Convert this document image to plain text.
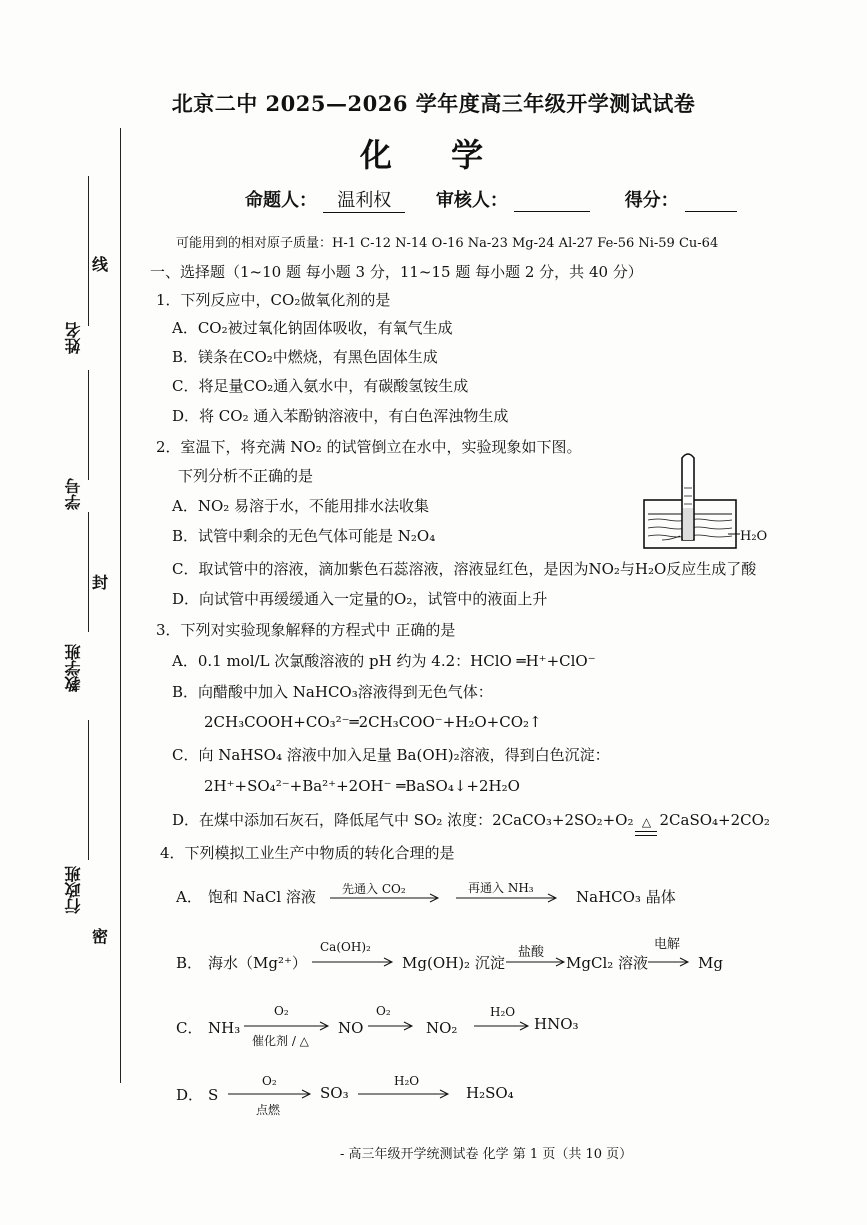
北京二中 2025—2026 学年度高三年级开学测试试卷
化 学
命题人： 温利权 审核人：	得分：
可能用到的相对原子质量：H-1 C-12 N-14 O-16 Na-23 Mg-24 Al-27 Fe-56 Ni-59 Cu-64
线
姓名
学号
封
教学班
行政班
密
一、选择题（1~10 题 每小题 3 分，11~15 题 每小题 2 分，共 40 分）
1．下列反应中，CO₂做氧化剂的是
A．CO₂被过氧化钠固体吸收，有氧气生成
B．镁条在CO₂中燃烧，有黑色固体生成
C．将足量CO₂通入氨水中，有碳酸氢铵生成
D．将 CO₂ 通入苯酚钠溶液中，有白色浑浊物生成
2．室温下，将充满 NO₂ 的试管倒立在水中，实验现象如下图。
下列分析不正确的是
A．NO₂ 易溶于水，不能用排水法收集
B．试管中剩余的无色气体可能是 N₂O₄
C．取试管中的溶液，滴加紫色石蕊溶液，溶液显红色，是因为NO₂与H₂O反应生成了酸
D．向试管中再缓缓通入一定量的O₂，试管中的液面上升
H₂O
3．下列对实验现象解释的方程式中 正确的是
A．0.1 mol/L 次氯酸溶液的 pH 约为 4.2：HClO ═H⁺+ClO⁻
B．向醋酸中加入 NaHCO₃溶液得到无色气体：
2CH₃COOH+CO₃²⁻═2CH₃COO⁻+H₂O+CO₂↑
C．向 NaHSO₄ 溶液中加入足量 Ba(OH)₂溶液，得到白色沉淀：
2H⁺+SO₄²⁻+Ba²⁺+2OH⁻ ═BaSO₄↓+2H₂O
D．在煤中添加石灰石，降低尾气中 SO₂ 浓度：2CaCO₃+2SO₂+O₂ △ 2CaSO₄+2CO₂
4．下列模拟工业生产中物质的转化合理的是
A． 饱和 NaCl 溶液 先通入 CO₂	再通入 NH₃	NaHCO₃ 晶体
B． 海水（Mg²⁺）
Ca(OH)₂
Mg(OH)₂ 沉淀
盐酸
MgCl₂ 溶液
电解
Mg
C． NH₃
O₂
催化剂 / △
NO
O₂
NO₂
H₂O
HNO₃
D． S
O₂
点燃
SO₃
H₂O
H₂SO₄
- 高三年级开学统测试卷 化学 第 1 页（共 10 页）
